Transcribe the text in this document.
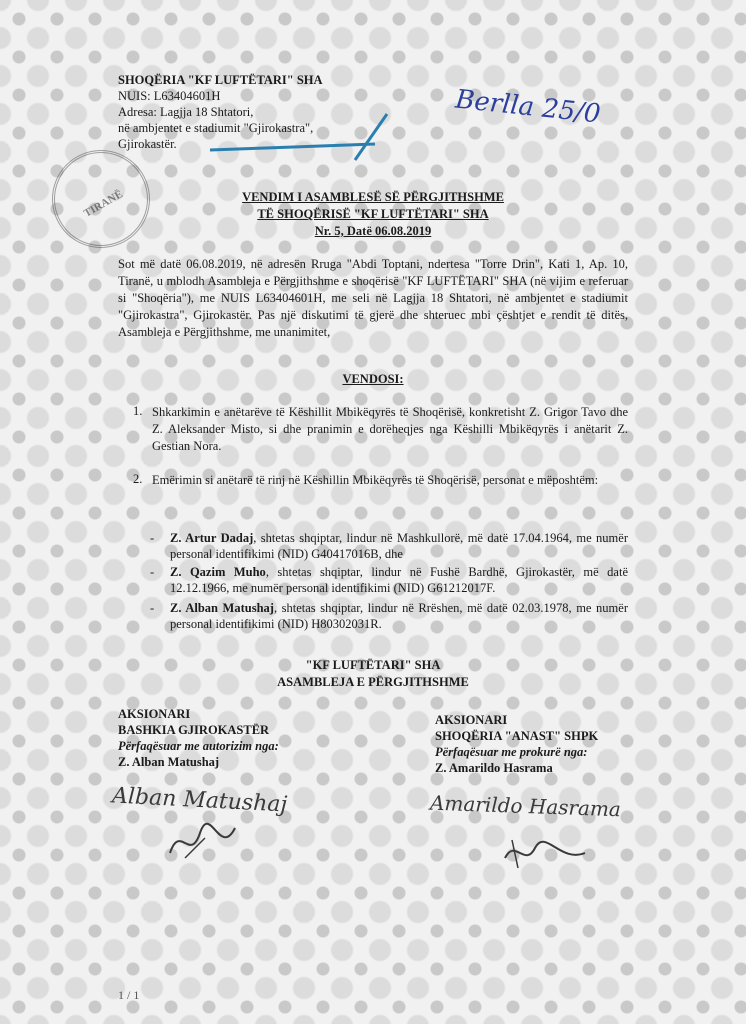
SHOQËRIA "KF LUFTËTARI" SHA
NUIS: L63404601H
Adresa: Lagjja 18 Shtatori,
në ambjentet e stadiumit "Gjirokastra",
Gjirokastër.
Berlla 25/0
TIRANË	VENDIM I ASAMBLESË SË PËRGJITHSHME
TË SHOQËRISË "KF LUFTËTARI" SHA
Nr. 5, Datë 06.08.2019
Sot më datë 06.08.2019, në adresën Rruga "Abdi Toptani, ndertesa "Torre Drin", Kati 1, Ap. 10, Tiranë, u mblodh Asambleja e Përgjithshme e shoqërisë "KF LUFTËTARI" SHA (në vijim e referuar si "Shoqëria"), me NUIS L63404601H, me seli në Lagjja 18 Shtatori, në ambjentet e stadiumit "Gjirokastra", Gjirokastër. Pas një diskutimi të gjerë dhe shteruес mbi çështjet e rendit të ditës, Asambleja e Përgjithshme, me unanimitet,
VENDOSI:
1. Shkarkimin e anëtarëve të Këshillit Mbikëqyrës të Shoqërisë, konkretisht Z. Grigor Tavo dhe Z. Aleksander Misto, si dhe pranimin e dorëheqjes nga Këshilli Mbikëqyrës i anëtarit Z. Gestian Nora.
2. Emërimin si anëtarë të rinj në Këshillin Mbikëqyrës të Shoqërisë, personat e mëposhtëm:
- Z. Artur Dadaj, shtetas shqiptar, lindur në Mashkullorë, më datë 17.04.1964, me numër personal identifikimi (NID) G40417016B, dhe
- Z. Qazim Muho, shtetas shqiptar, lindur në Fushë Bardhë, Gjirokastër, më datë 12.12.1966, me numër personal identifikimi (NID) G61212017F.
- Z. Alban Matushaj, shtetas shqiptar, lindur në Rrëshen, më datë 02.03.1978, me numër personal identifikimi (NID) H80302031R.
"KF LUFTËTARI" SHA
ASAMBLEJA E PËRGJITHSHME
AKSIONARI
BASHKIA GJIROKASTËR
Përfaqësuar me autorizim nga:
Z. Alban Matushaj
Alban Matushaj
AKSIONARI
SHOQËRIA "ANAST" SHPK
Përfaqësuar me prokurë nga:
Z. Amarildo Hasrama
Amarildo Hasrama
1 / 1
